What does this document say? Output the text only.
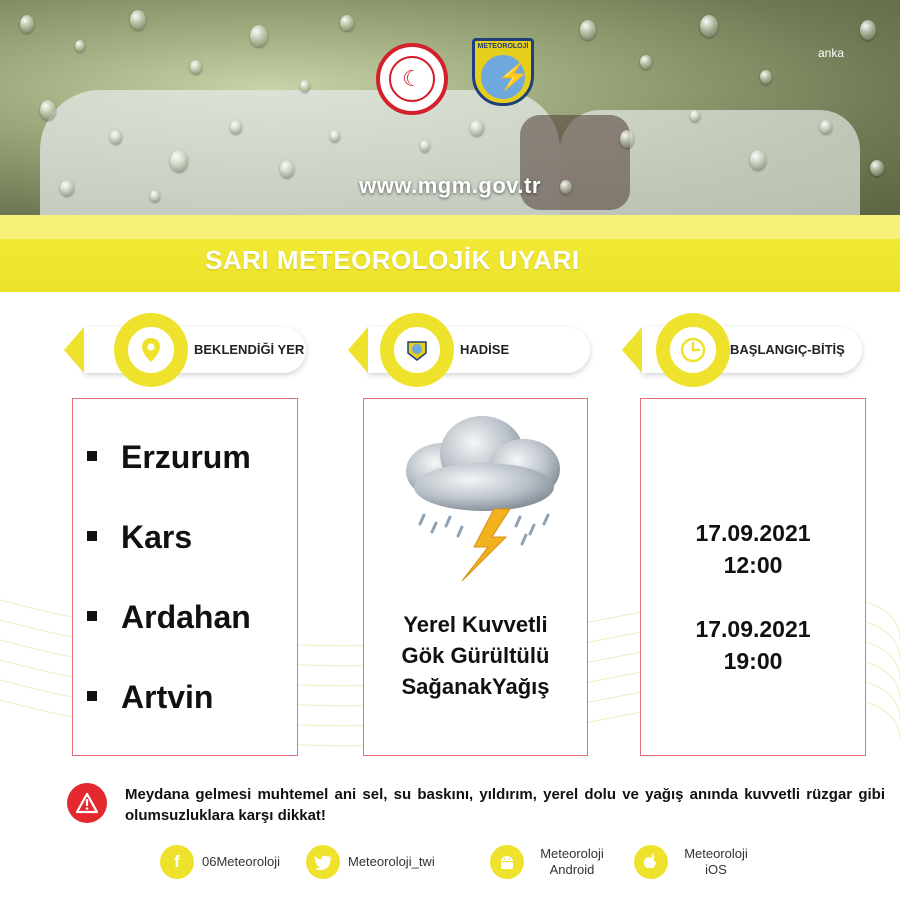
☾
METEOROLOJİ
⚡
anka
www.mgm.gov.tr
SARI METEOROLOJİK UYARI
BEKLENDİĞİ YER	HADİSE	BAŞLANGIÇ-BİTİŞ
Erzurum
Kars
Ardahan
Artvin
Yerel Kuvvetli
Gök Gürültülü
SağanakYağış
17.09.2021
12:00
17.09.2021
19:00
Meydana gelmesi muhtemel ani sel, su baskını, yıldırım, yerel dolu ve yağış anında kuvvetli rüzgar gibi olumsuzluklara karşı dikkat!
f	06Meteoroloji	Meteoroloji_twi
Meteoroloji Android
Meteoroloji iOS
